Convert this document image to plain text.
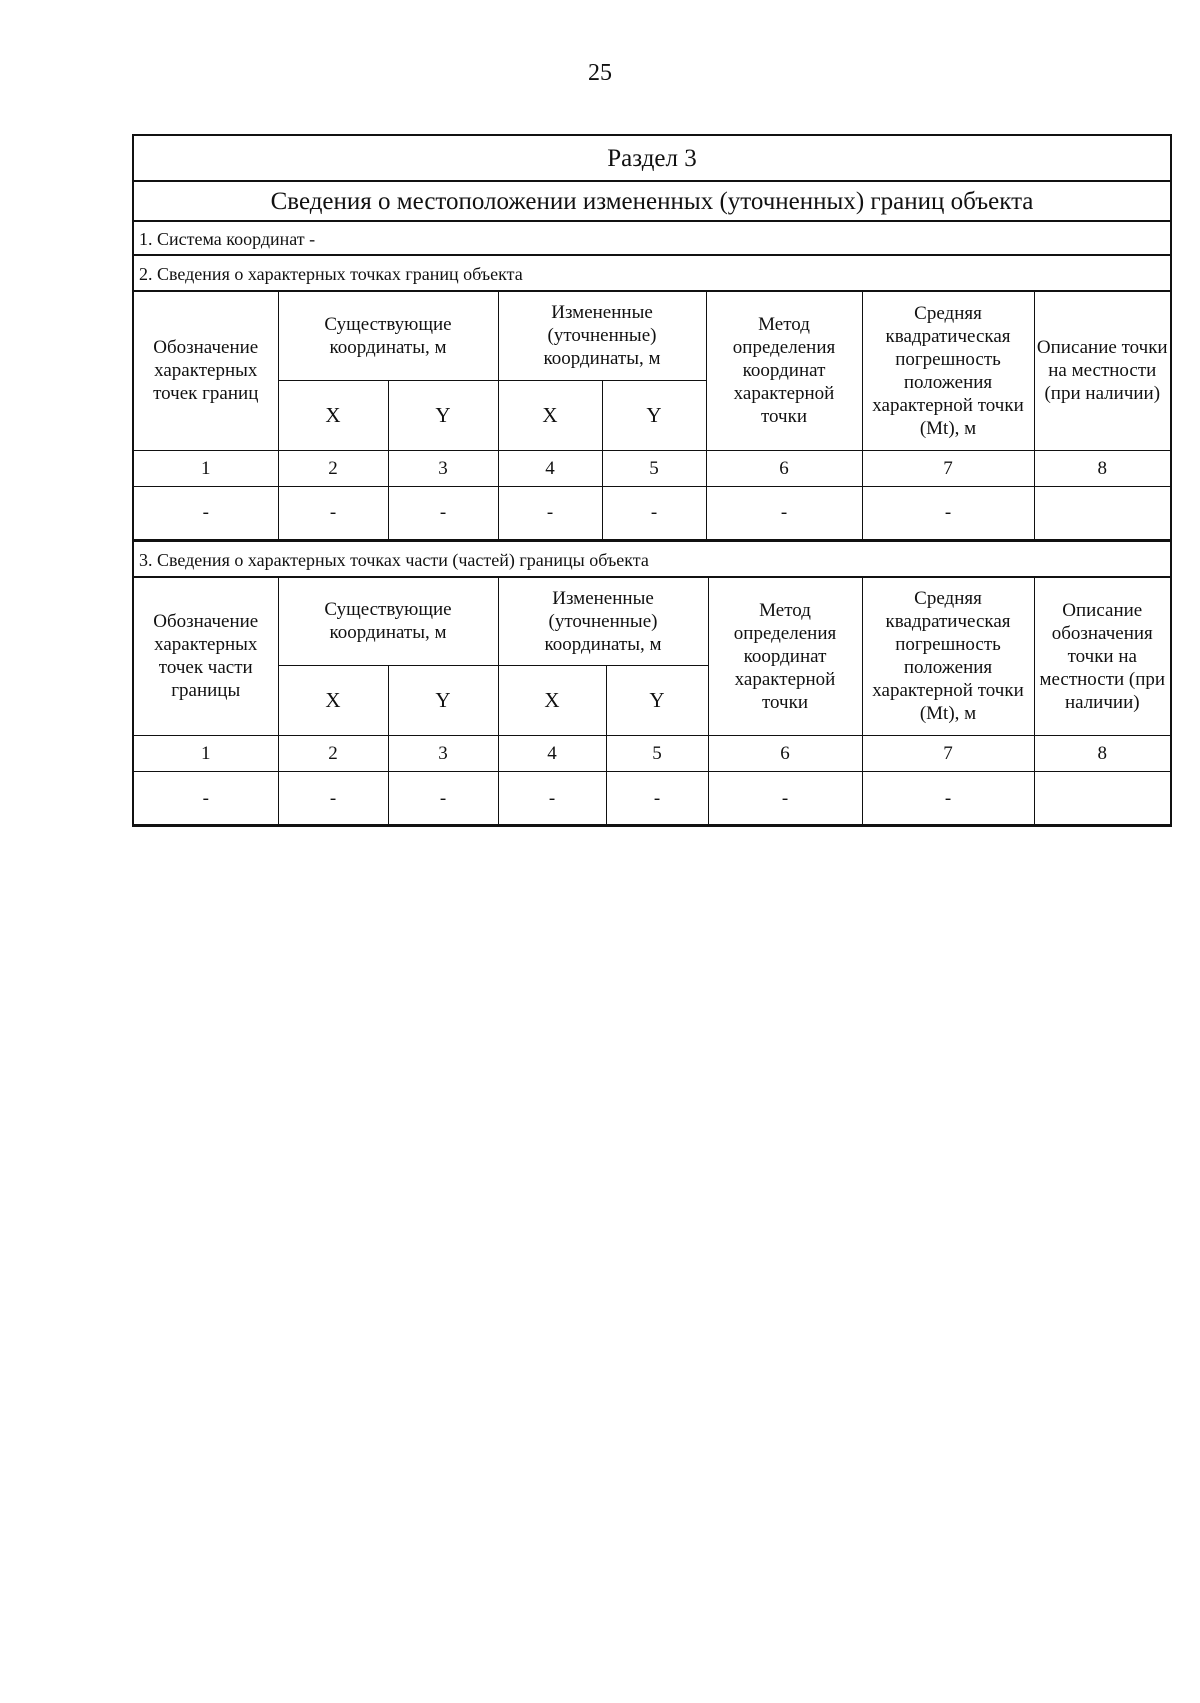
25
Раздел 3
Сведения о местоположении измененных (уточненных) границ объекта
1. Система координат -
2. Сведения о характерных точках границ объекта
Обозначение характерных точек границ	Существующие координаты, м		Измененные (уточненные) координаты, м		Метод определения координат характерной точки	Средняя квадратическая погрешность положения характерной точки (Mt), м	Описание точки на местности (при наличии)
	X	Y	X	Y			
1	2	3	4	5	6	7	8
-	-	-	-	-	-	-	
3. Сведения о характерных точках части (частей) границы объекта
Обозначение характерных точек части границы	Существующие координаты, м		Измененные (уточненные) координаты, м		Метод определения координат характерной точки	Средняя квадратическая погрешность положения характерной точки (Mt), м	Описание обозначения точки на местности (при наличии)
	X	Y	X	Y			
1	2	3	4	5	6	7	8
-	-	-	-	-	-	-	
